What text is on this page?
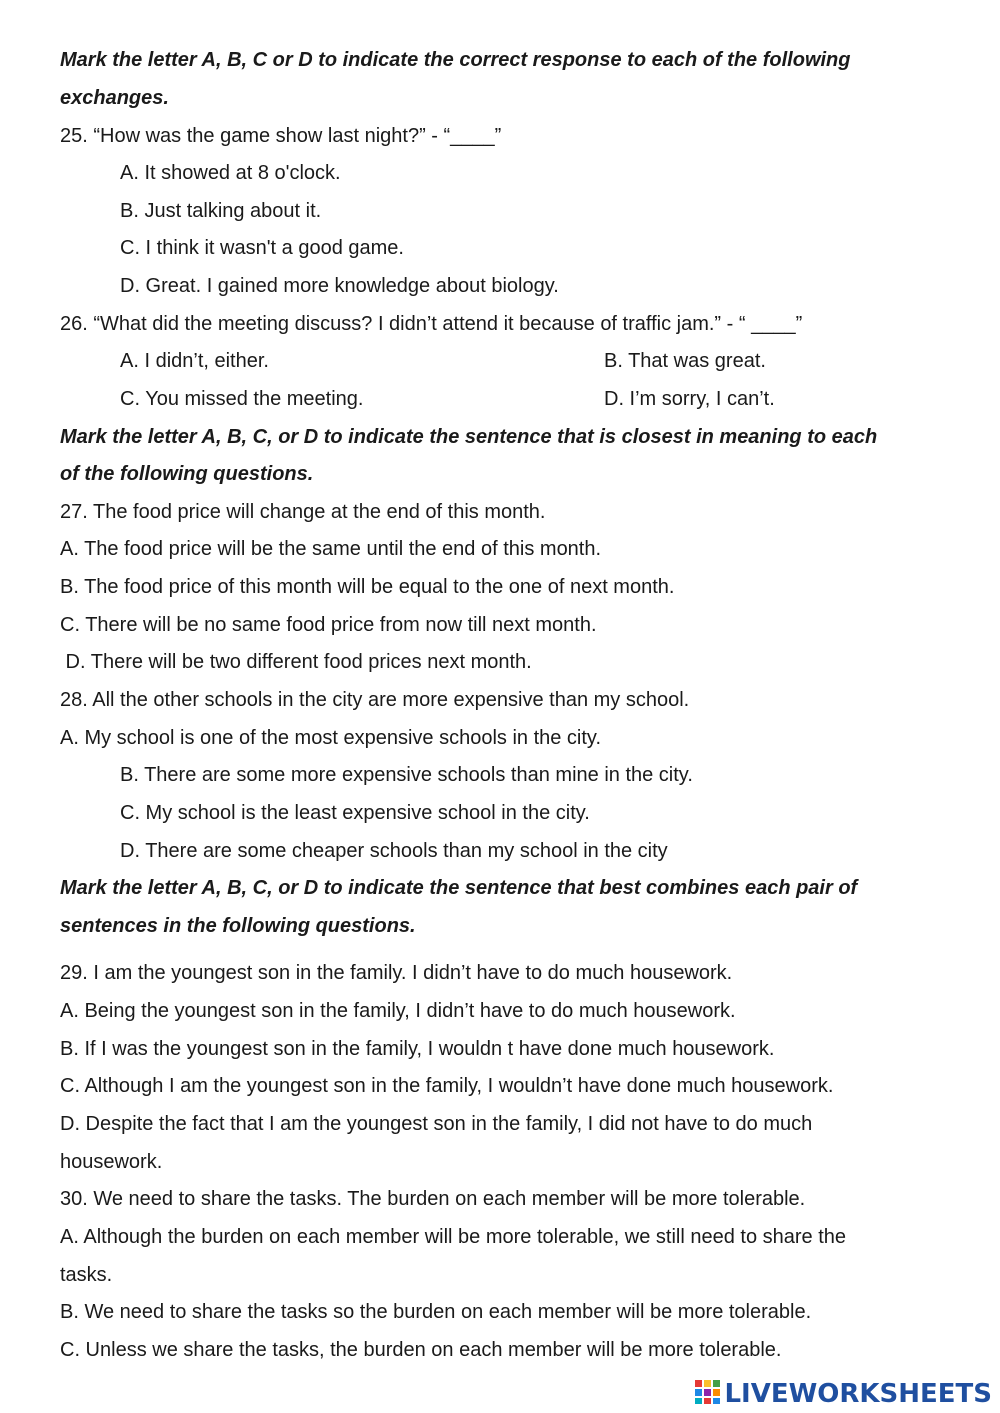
Mark the letter A, B, C or D to indicate the correct response to each of the following
exchanges.
25. “How was the game show last night?” - “____”
A. It showed at 8 o'clock.
B. Just talking about it.
C. I think it wasn't a good game.
D. Great. I gained more knowledge about biology.
26. “What did the meeting discuss? I didn’t attend it because of traffic jam.” - “ ____”
A. I didn’t, either.	B. That was great.
C. You missed the meeting.	D. I’m sorry, I can’t.
Mark the letter A, B, C, or D to indicate the sentence that is closest in meaning to each
of the following questions.
27. The food price will change at the end of this month.
A. The food price will be the same until the end of this month.
B. The food price of this month will be equal to the one of next month.
C. There will be no same food price from now till next month.
D. There will be two different food prices next month.
28. All the other schools in the city are more expensive than my school.
A. My school is one of the most expensive schools in the city.
B. There are some more expensive schools than mine in the city.
C. My school is the least expensive school in the city.
D. There are some cheaper schools than my school in the city
Mark the letter A, B, C, or D to indicate the sentence that best combines each pair of
sentences in the following questions.
29. I am the youngest son in the family. I didn’t have to do much housework.
A. Being the youngest son in the family, I didn’t have to do much housework.
B. If I was the youngest son in the family, I wouldn t have done much housework.
C. Although I am the youngest son in the family, I wouldn’t have done much housework.
D. Despite the fact that I am the youngest son in the family, I did not have to do much
housework.
30. We need to share the tasks. The burden on each member will be more tolerable.
A. Although the burden on each member will be more tolerable, we still need to share the
tasks.
B. We need to share the tasks so the burden on each member will be more tolerable.
C. Unless we share the tasks, the burden on each member will be more tolerable.
LIVEWORKSHEETS
